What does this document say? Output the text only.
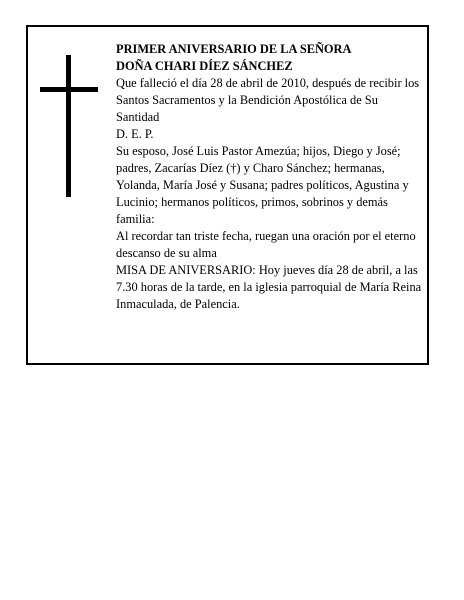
PRIMER ANIVERSARIO DE LA SEÑORA

DOÑA CHARI DÍEZ SÁNCHEZ

Que falleció el día 28 de abril de 2010, después de recibir los Santos Sacramentos y la Bendición Apostólica de Su Santidad

D. E. P.

Su esposo, José Luis Pastor Amezúa; hijos, Diego y José; padres, Zacarías Díez (†) y Charo Sánchez; hermanas, Yolanda, María José y Susana; padres políticos, Agustina y Lucinio; hermanos políticos, primos, sobrinos y demás familia:

Al recordar tan triste fecha, ruegan una oración por el eterno descanso de su alma

MISA DE ANIVERSARIO: Hoy jueves día 28 de abril, a las 7.30 horas de la tarde, en la iglesia parroquial de María Reina Inmaculada, de Palencia.
